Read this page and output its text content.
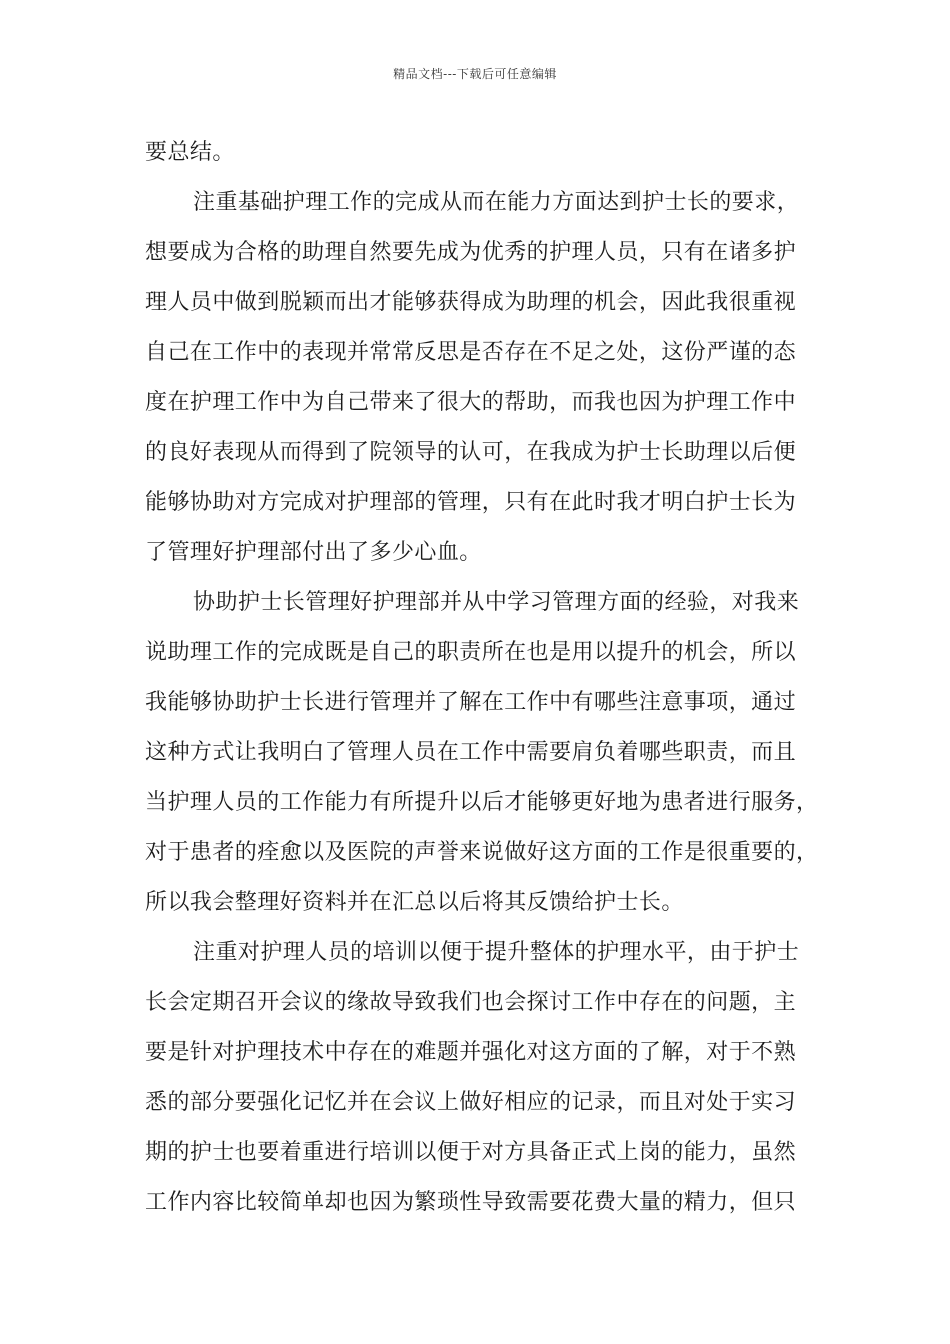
精品文档---下载后可任意编辑
要总结。
注重基础护理工作的完成从而在能力方面达到护士长的要求，
想要成为合格的助理自然要先成为优秀的护理人员，只有在诸多护
理人员中做到脱颖而出才能够获得成为助理的机会，因此我很重视
自己在工作中的表现并常常反思是否存在不足之处，这份严谨的态
度在护理工作中为自己带来了很大的帮助，而我也因为护理工作中
的良好表现从而得到了院领导的认可，在我成为护士长助理以后便
能够协助对方完成对护理部的管理，只有在此时我才明白护士长为
了管理好护理部付出了多少心血。
协助护士长管理好护理部并从中学习管理方面的经验，对我来
说助理工作的完成既是自己的职责所在也是用以提升的机会，所以
我能够协助护士长进行管理并了解在工作中有哪些注意事项，通过
这种方式让我明白了管理人员在工作中需要肩负着哪些职责，而且
当护理人员的工作能力有所提升以后才能够更好地为患者进行服务，
对于患者的痊愈以及医院的声誉来说做好这方面的工作是很重要的，
所以我会整理好资料并在汇总以后将其反馈给护士长。
注重对护理人员的培训以便于提升整体的护理水平，由于护士
长会定期召开会议的缘故导致我们也会探讨工作中存在的问题，主
要是针对护理技术中存在的难题并强化对这方面的了解，对于不熟
悉的部分要强化记忆并在会议上做好相应的记录，而且对处于实习
期的护士也要着重进行培训以便于对方具备正式上岗的能力，虽然
工作内容比较简单却也因为繁琐性导致需要花费大量的精力，但只
